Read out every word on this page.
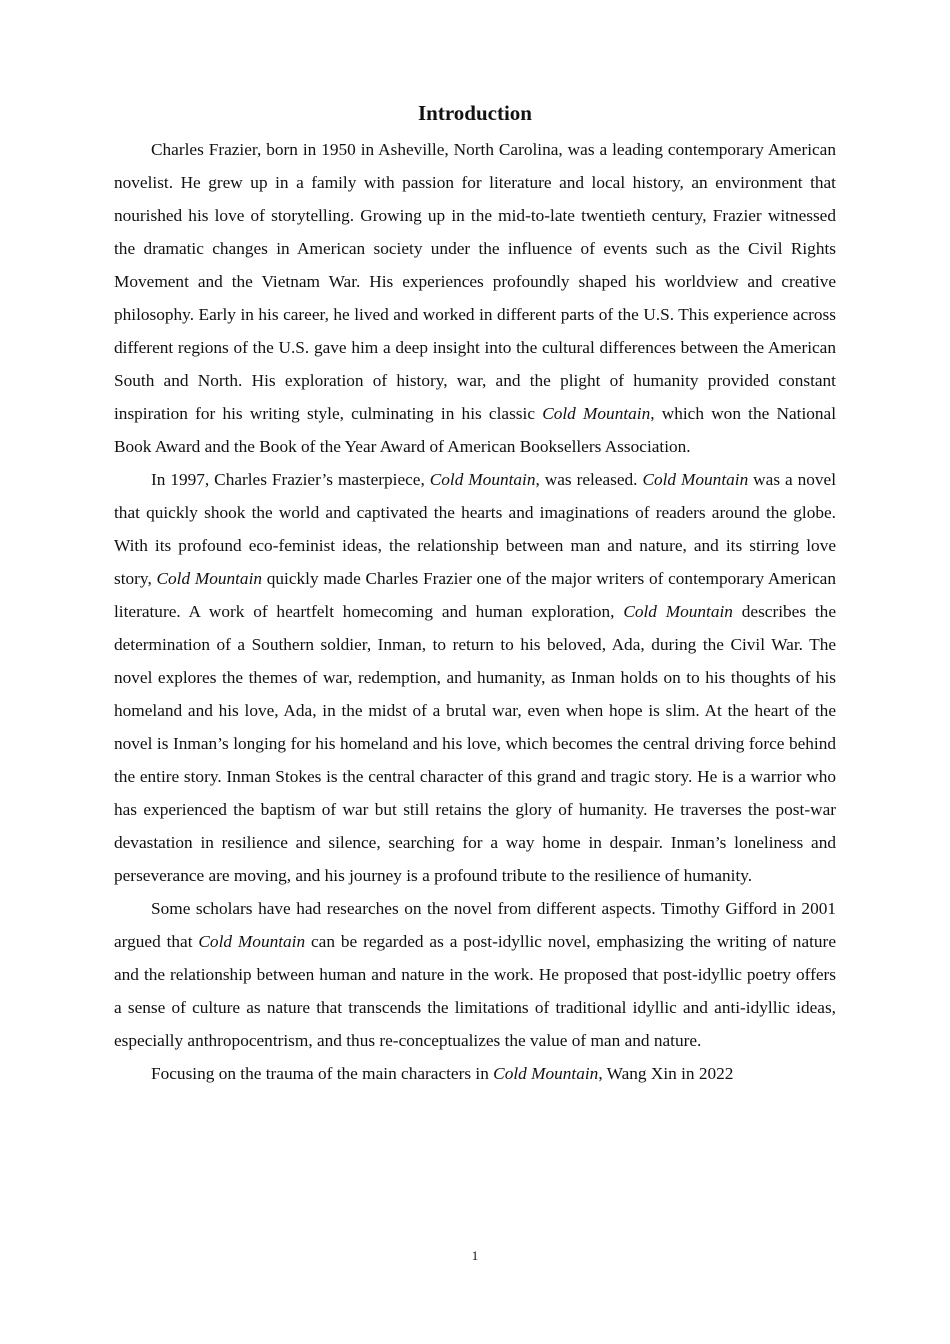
Introduction

Charles Frazier, born in 1950 in Asheville, North Carolina, was a leading contemporary American novelist. He grew up in a family with passion for literature and local history, an environment that nourished his love of storytelling. Growing up in the mid-to-late twentieth century, Frazier witnessed the dramatic changes in American society under the influence of events such as the Civil Rights Movement and the Vietnam War. His experiences profoundly shaped his worldview and creative philosophy. Early in his career, he lived and worked in different parts of the U.S. This experience across different regions of the U.S. gave him a deep insight into the cultural differences between the American South and North. His exploration of history, war, and the plight of humanity provided constant inspiration for his writing style, culminating in his classic Cold Mountain, which won the National Book Award and the Book of the Year Award of American Booksellers Association.

In 1997, Charles Frazier’s masterpiece, Cold Mountain, was released. Cold Mountain was a novel that quickly shook the world and captivated the hearts and imaginations of readers around the globe. With its profound eco-feminist ideas, the relationship between man and nature, and its stirring love story, Cold Mountain quickly made Charles Frazier one of the major writers of contemporary American literature. A work of heartfelt homecoming and human exploration, Cold Mountain describes the determination of a Southern soldier, Inman, to return to his beloved, Ada, during the Civil War. The novel explores the themes of war, redemption, and humanity, as Inman holds on to his thoughts of his homeland and his love, Ada, in the midst of a brutal war, even when hope is slim. At the heart of the novel is Inman’s longing for his homeland and his love, which becomes the central driving force behind the entire story. Inman Stokes is the central character of this grand and tragic story. He is a warrior who has experienced the baptism of war but still retains the glory of humanity. He traverses the post-war devastation in resilience and silence, searching for a way home in despair. Inman’s loneliness and perseverance are moving, and his journey is a profound tribute to the resilience of humanity.

Some scholars have had researches on the novel from different aspects. Timothy Gifford in 2001 argued that Cold Mountain can be regarded as a post-idyllic novel, emphasizing the writing of nature and the relationship between human and nature in the work. He proposed that post-idyllic poetry offers a sense of culture as nature that transcends the limitations of traditional idyllic and anti-idyllic ideas, especially anthropocentrism, and thus re-conceptualizes the value of man and nature.

Focusing on the trauma of the main characters in Cold Mountain, Wang Xin in 2022

1
